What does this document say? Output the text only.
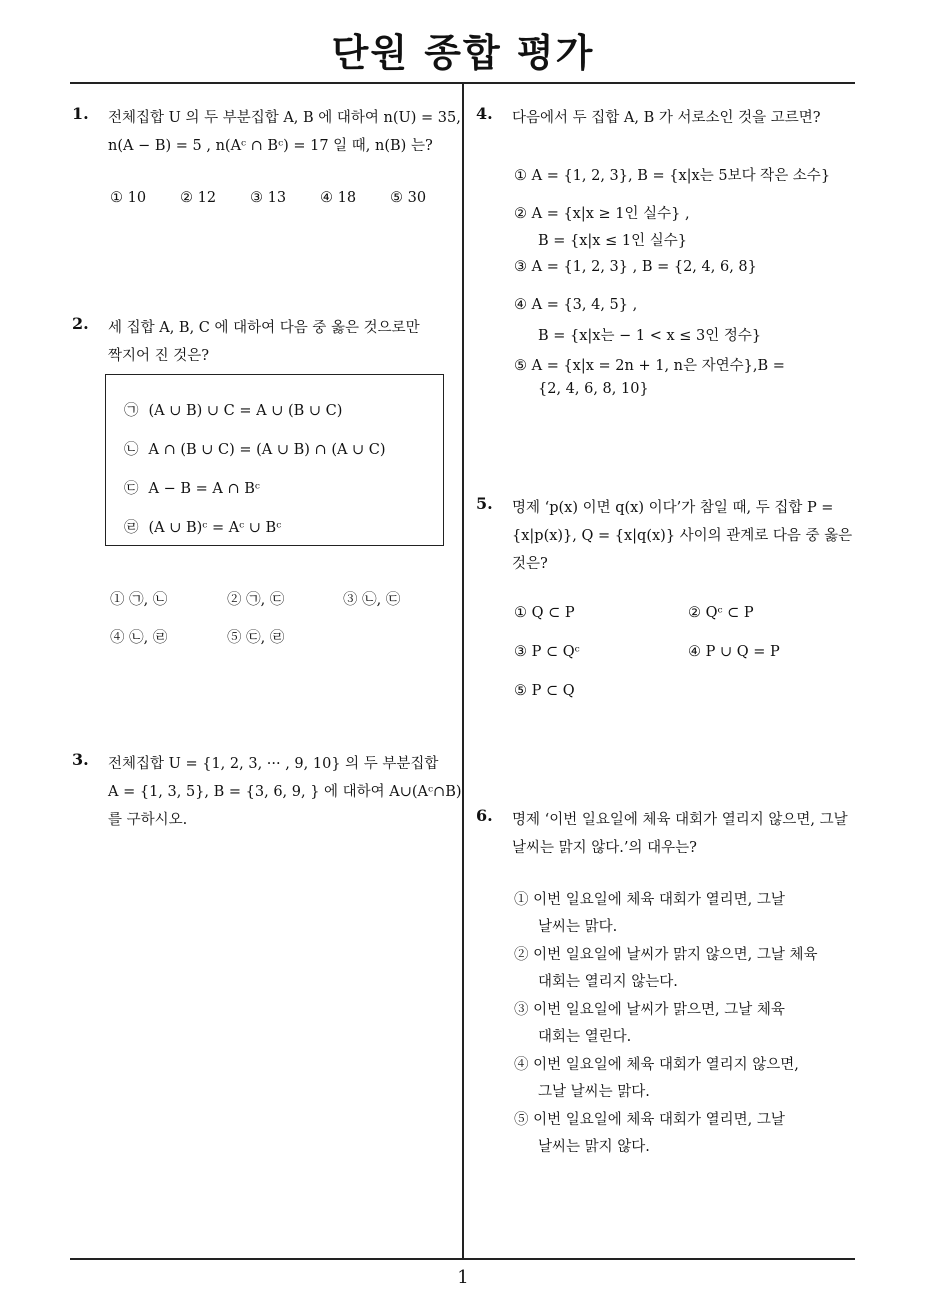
단원 종합 평가
1. 전체집합 U 의 두 부분집합 A, B 에 대하여 n(U) = 35,
n(A − B) = 5 , n(Aᶜ ∩ Bᶜ) = 17 일 때, n(B) 는?
① 10 ② 12 ③ 13 ④ 18 ⑤ 30
2. 세 집합 A, B, C 에 대하여 다음 중 옳은 것으로만
짝지어 진 것은?
㉠ (A ∪ B) ∪ C = A ∪ (B ∪ C)
㉡ A ∩ (B ∪ C) = (A ∪ B) ∩ (A ∪ C)
㉢ A − B = A ∩ Bᶜ
㉣ (A ∪ B)ᶜ = Aᶜ ∪ Bᶜ
① ㉠, ㉡	② ㉠, ㉢	③ ㉡, ㉢
④ ㉡, ㉣	⑤ ㉢, ㉣
3. 전체집합 U = {1, 2, 3, ··· , 9, 10} 의 두 부분집합
A = {1, 3, 5}, B = {3, 6, 9, } 에 대하여 A∪(Aᶜ∩B)
를 구하시오.
4. 다음에서 두 집합 A, B 가 서로소인 것을 고르면?
① A = {1, 2, 3}, B = {x|x는 5보다 작은 소수}
② A = {x|x ≥ 1인 실수} ,
B = {x|x ≤ 1인 실수}
③ A = {1, 2, 3} , B = {2, 4, 6, 8}
④ A = {3, 4, 5} ,
B = {x|x는 − 1 < x ≤ 3인 정수}
⑤ A = {x|x = 2n + 1, n은 자연수},B =
{2, 4, 6, 8, 10}
5. 명제 ‘p(x) 이면 q(x) 이다’가 참일 때, 두 집합 P =
{x|p(x)}, Q = {x|q(x)} 사이의 관계로 다음 중 옳은
것은?
① Q ⊂ P	② Qᶜ ⊂ P
③ P ⊂ Qᶜ	④ P ∪ Q = P
⑤ P ⊂ Q
6. 명제 ‘이번 일요일에 체육 대회가 열리지 않으면, 그날
날씨는 맑지 않다.’의 대우는?
① 이번 일요일에 체육 대회가 열리면, 그날
날씨는 맑다.
② 이번 일요일에 날씨가 맑지 않으면, 그날 체육
대회는 열리지 않는다.
③ 이번 일요일에 날씨가 맑으면, 그날 체육
대회는 열린다.
④ 이번 일요일에 체육 대회가 열리지 않으면,
그날 날씨는 맑다.
⑤ 이번 일요일에 체육 대회가 열리면, 그날
날씨는 맑지 않다.
1
